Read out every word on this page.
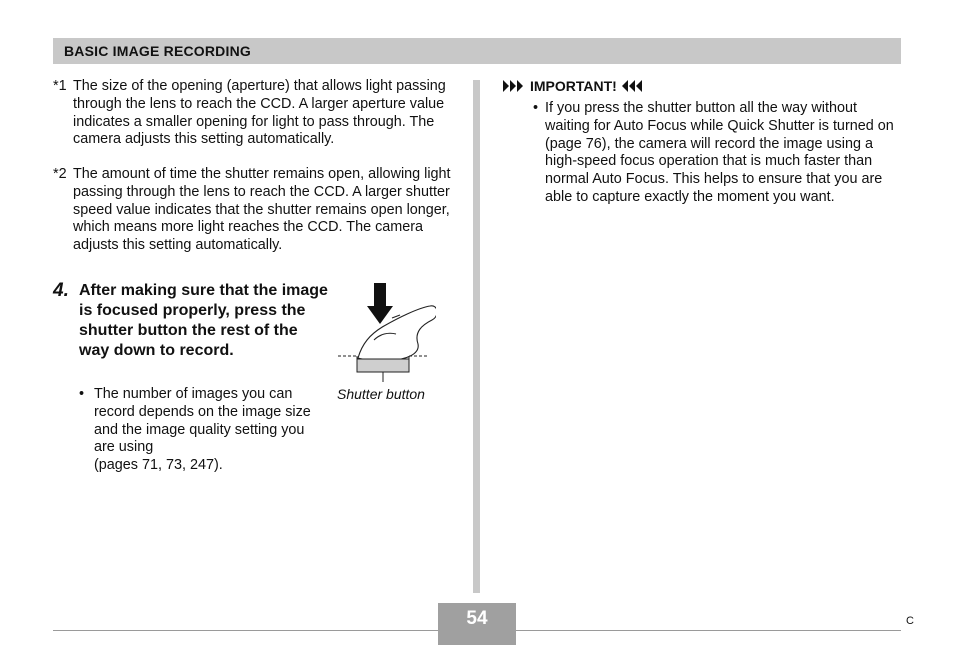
BASIC IMAGE RECORDING
*1 The size of the opening (aperture) that allows light passing through the lens to reach the CCD. A larger aperture value indicates a smaller opening for light to pass through. The camera adjusts this setting automatically.
*2 The amount of time the shutter remains open, allowing light passing through the lens to reach the CCD. A larger shutter speed value indicates that the shutter remains open longer, which means more light reaches the CCD. The camera adjusts this setting automatically.
4. After making sure that the image is focused properly, press the shutter button the rest of the way down to record.
• The number of images you can record depends on the image size and the image quality setting you are using
(pages 71, 73, 247).
Shutter button
IMPORTANT!
• If you press the shutter button all the way without waiting for Auto Focus while Quick Shutter is turned on (page 76), the camera will record the image using a high-speed focus operation that is much faster than normal Auto Focus. This helps to ensure that you are able to capture exactly the moment you want.
54	C
